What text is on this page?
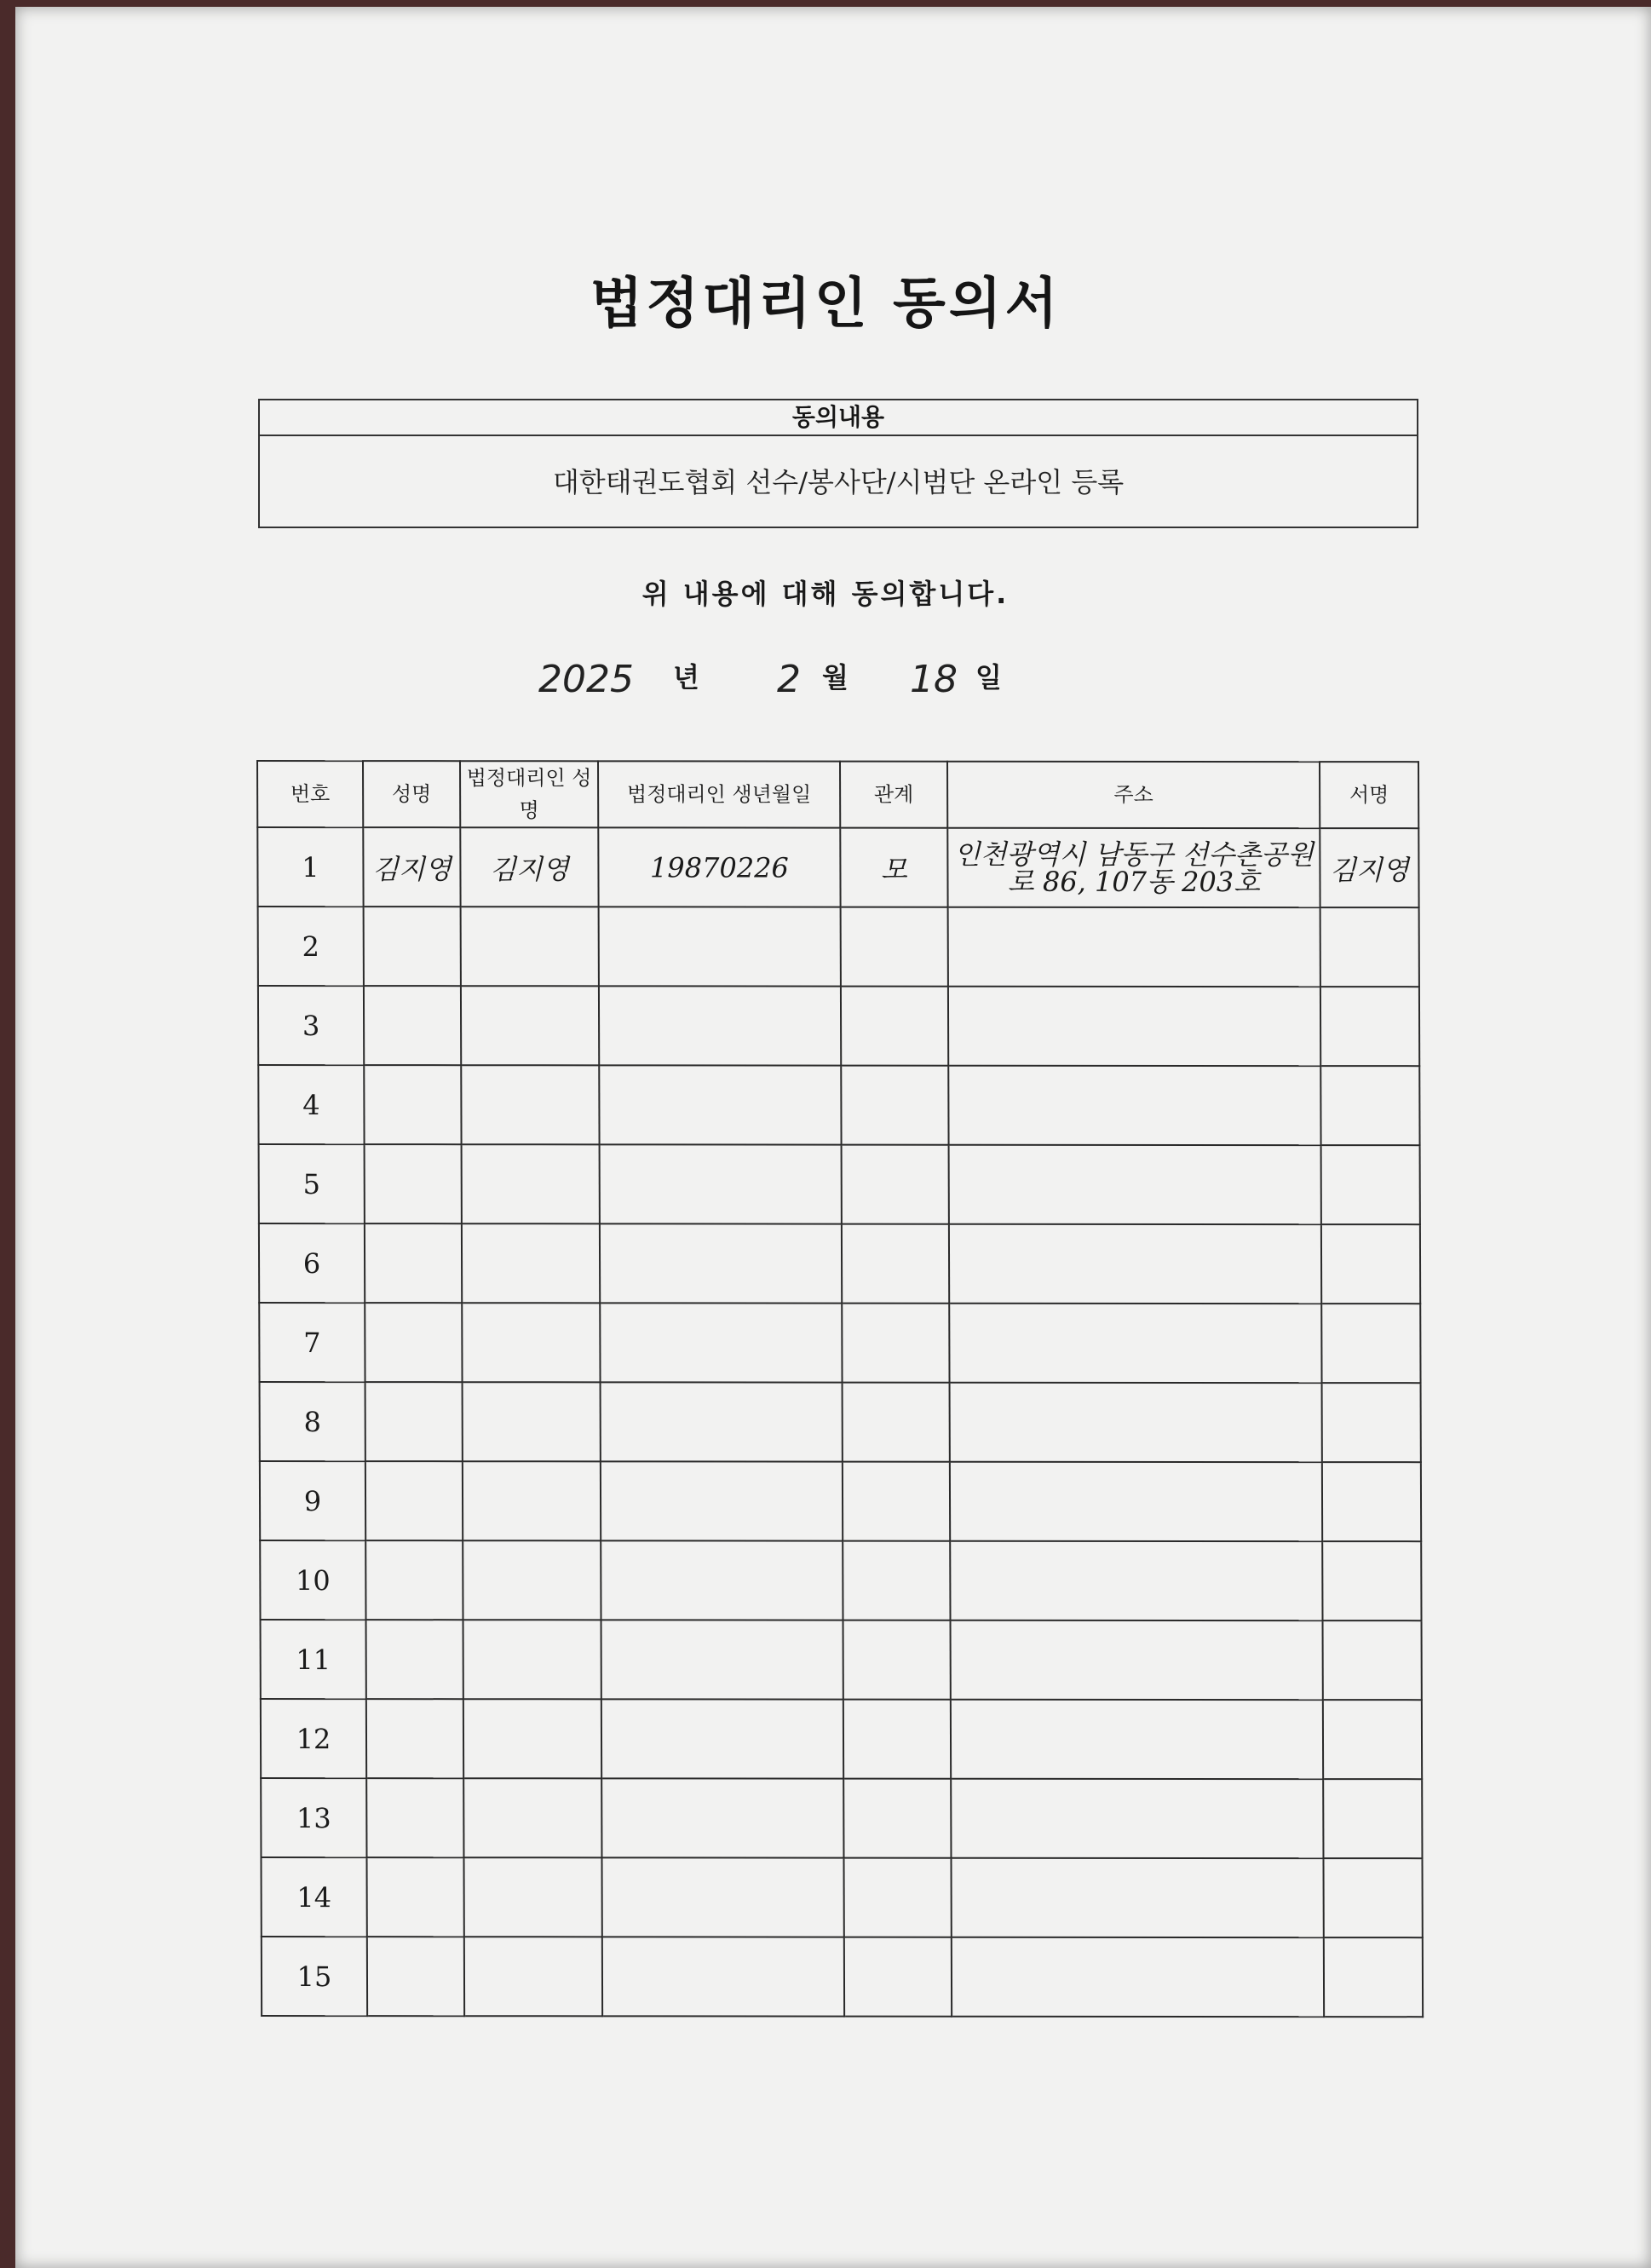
법정대리인 동의서
동의내용
대한태권도협회 선수/봉사단/시범단 온라인 등록
위 내용에 대해 동의합니다.
2025 년 2 월 18 일
번호	성명	법정대리인 성명	법정대리인 생년월일	관계	주소	서명
1	김지영	김지영	19870226	모	인천광역시 남동구 선수촌공원로 86, 107동 203호	김지영
2						
3						
4						
5						
6						
7						
8						
9						
10						
11						
12						
13						
14						
15						
